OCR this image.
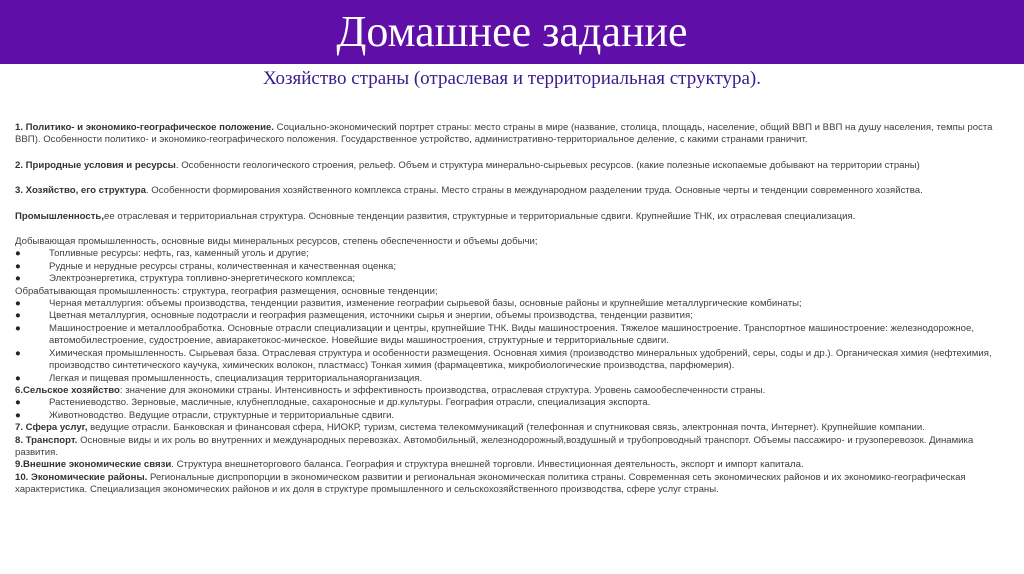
Домашнее задание
Хозяйство страны (отраслевая и территориальная структура).

1. Политико- и экономико-географическое положение. Социально-экономический портрет страны: место страны в мире (название, столица, площадь, население, общий ВВП и ВВП на душу населения, темпы роста ВВП). Особенности политико- и экономико-географического положения. Государственное устройство, административно-территориальное деление, с какими странами граничит.

2. Природные условия и ресурсы. Особенности геологического строения, рельеф. Объем и структура минерально-сырьевых ресурсов. (какие полезные ископаемые добывают на территории страны)

3. Хозяйство, его структура. Особенности формирования хозяйственного комплекса страны. Место страны в международном разделении труда. Основные черты и тенденции современного хозяйства.

Промышленность,ее отраслевая и территориальная структура. Основные тенденции развития, структурные и территориальные сдвиги. Крупнейшие ТНК, их отраслевая специализация.

Добывающая промышленность, основные виды минеральных ресурсов, степень обеспеченности и объемы добычи;

●	Топливные ресурсы: нефть, газ, каменный уголь и другие;
●	Рудные и нерудные ресурсы страны, количественная и качественная оценка;
●	Электроэнергетика, структура топливно-энергетического комплекса;

Обрабатывающая промышленность: структура, география размещения, основные тенденции;

●	Черная металлургия: объемы производства, тенденции развития, изменение географии сырьевой базы, основные районы и крупнейшие металлургические комбинаты;
●	Цветная металлургия, основные подотрасли и география размещения, источники сырья и энергии, объемы производства, тенденции развития;
●	Машиностроение и металлообработка. Основные отрасли специализации и центры, крупнейшие ТНК. Виды машиностроения. Тяжелое машиностроение. Транспортное машиностроение: железнодорожное, автомобилестроение, судостроение, авиаракетокос-мическое. Новейшие виды машиностроения, структурные и территориальные сдвиги.
●	Химическая промышленность. Сырьевая база. Отраслевая структура и особенности размещения. Основная химия (производство минеральных удобрений, серы, соды и др.). Органическая химия (нефтехимия, производство синтетического каучука, химических волокон, пластмасс) Тонкая химия (фармацевтика, микробиологические производства, парфюмерия).
●	Легкая и пищевая промышленность, специализация территориальнаяорганизация.

6.Сельское хозяйство: значение для экономики страны. Интенсивность и эффективность производства, отраслевая структура. Уровень самообеспеченности страны.

●	Растениеводство. Зерновые, масличные, клубнеплодные, сахароносные и др.культуры. География отрасли, специализация экспорта.
●	Животноводство. Ведущие отрасли, структурные и территориальные сдвиги.

7. Сфера услуг, ведущие отрасли. Банковская и финансовая сфера, НИОКР, туризм, система телекоммуникаций (телефонная и спутниковая связь, электронная почта, Интернет). Крупнейшие компании.

8. Транспорт. Основные виды и их роль во внутренних и международных перевозках. Автомобильный, железнодорожный,воздушный и трубопроводный транспорт. Объемы пассажиро- и грузоперевозок. Динамика развития.

9.Внешние экономические связи. Структура внешнеторгового баланса. География и структура внешней торговли. Инвестиционная деятельность, экспорт и импорт капитала.

10. Экономические районы. Региональные диспропорции в экономическом развитии и региональная экономическая политика страны. Современная сеть экономических районов и их экономико-географическая характеристика. Специализация экономических районов и их доля в структуре промышленного и сельскохозяйственного производства, сфере услуг страны.
